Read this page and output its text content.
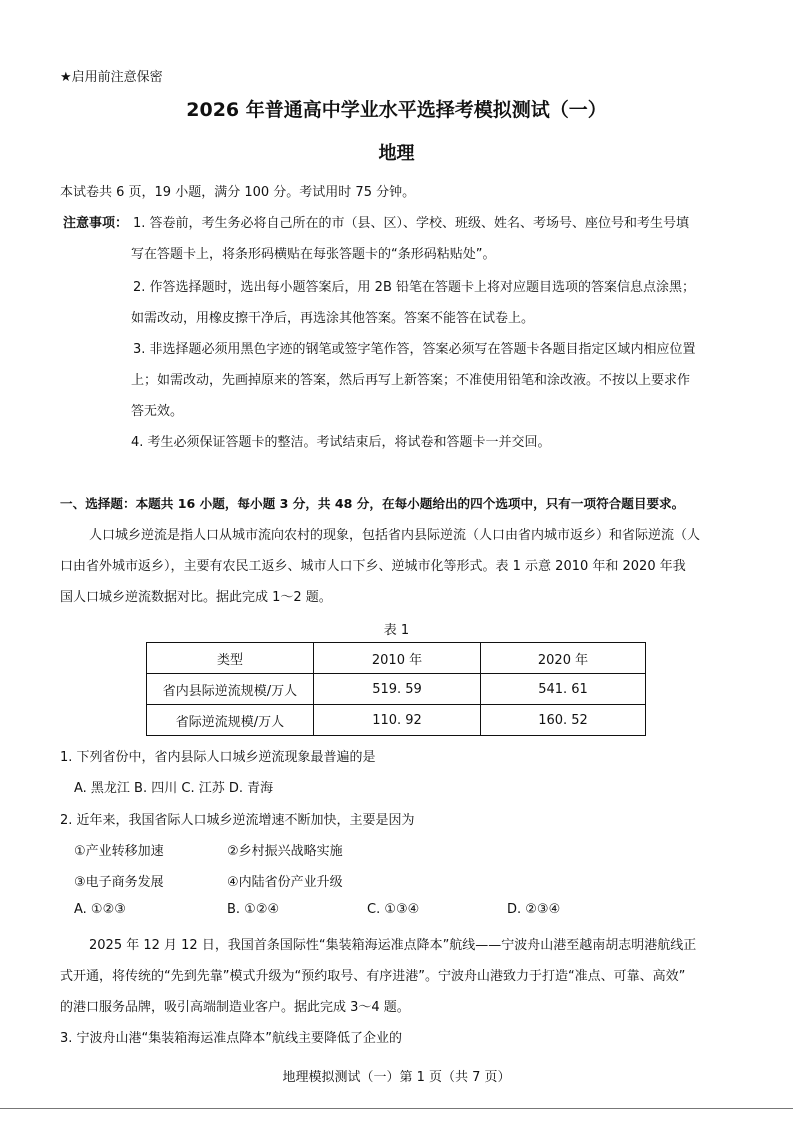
★启用前注意保密
2026 年普通高中学业水平选择考模拟测试（一）
地理
本试卷共 6 页，19 小题，满分 100 分。考试用时 75 分钟。
注意事项： 1. 答卷前，考生务必将自己所在的市（县、区）、学校、班级、姓名、考场号、座位号和考生号填
写在答题卡上，将条形码横贴在每张答题卡的“条形码粘贴处”。
2. 作答选择题时，选出每小题答案后，用 2B 铅笔在答题卡上将对应题目选项的答案信息点涂黑；
如需改动，用橡皮擦干净后，再选涂其他答案。答案不能答在试卷上。
3. 非选择题必须用黑色字迹的钢笔或签字笔作答，答案必须写在答题卡各题目指定区域内相应位置
上；如需改动，先画掉原来的答案，然后再写上新答案；不准使用铅笔和涂改液。不按以上要求作
答无效。
4. 考生必须保证答题卡的整洁。考试结束后，将试卷和答题卡一并交回。
一、选择题：本题共 16 小题，每小题 3 分，共 48 分，在每小题给出的四个选项中，只有一项符合题目要求。
人口城乡逆流是指人口从城市流向农村的现象，包括省内县际逆流（人口由省内城市返乡）和省际逆流（人
口由省外城市返乡），主要有农民工返乡、城市人口下乡、逆城市化等形式。表 1 示意 2010 年和 2020 年我
国人口城乡逆流数据对比。据此完成 1～2 题。
表 1
类型	2010 年	2020 年
省内县际逆流规模/万人	519. 59	541. 61
省际逆流规模/万人	110. 92	160. 52
1. 下列省份中，省内县际人口城乡逆流现象最普遍的是
A. 黑龙江 B. 四川 C. 江苏 D. 青海
2. 近年来，我国省际人口城乡逆流增速不断加快，主要是因为
①产业转移加速	②乡村振兴战略实施
③电子商务发展	④内陆省份产业升级
A. ①②③	B. ①②④	C. ①③④	D. ②③④
2025 年 12 月 12 日，我国首条国际性“集装箱海运准点降本”航线——宁波舟山港至越南胡志明港航线正
式开通，将传统的“先到先靠”模式升级为“预约取号、有序进港”。宁波舟山港致力于打造“准点、可靠、高效”
的港口服务品牌，吸引高端制造业客户。据此完成 3～4 题。
3. 宁波舟山港“集装箱海运准点降本”航线主要降低了企业的
地理模拟测试（一）第 1 页（共 7 页）
